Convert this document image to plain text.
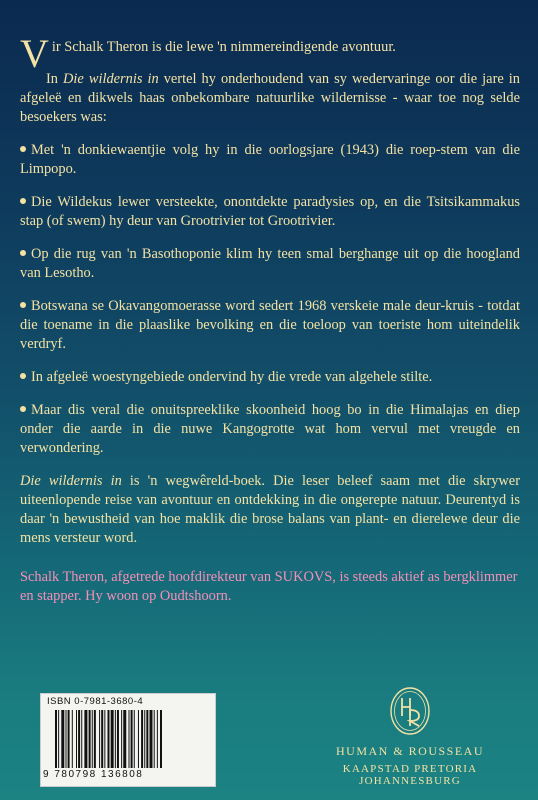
Vir Schalk Theron is die lewe 'n nimmereindigende avontuur.
In Die wildernis in vertel hy onderhoudend van sy wedervaringe oor die jare in afgeleë en dikwels haas onbekombare natuurlike wildernisse - waar toe nog selde besoekers was:

Met 'n donkiewaentjie volg hy in die oorlogsjare (1943) die roep-stem van die Limpopo.

Die Wildekus lewer versteekte, onontdekte paradysies op, en die Tsitsikammakus stap (of swem) hy deur van Grootrivier tot Grootrivier.

Op die rug van 'n Basothoponie klim hy teen smal berghange uit op die hoogland van Lesotho.

Botswana se Okavangomoerasse word sedert 1968 verskeie male deur-kruis - totdat die toename in die plaaslike bevolking en die toeloop van toeriste hom uiteindelik verdryf.

In afgeleë woestyngebiede ondervind hy die vrede van algehele stilte.

Maar dis veral die onuitspreeklike skoonheid hoog bo in die Himalajas en diep onder die aarde in die nuwe Kangogrotte wat hom vervul met vreugde en verwondering.

Die wildernis in is 'n wegwêreld-boek. Die leser beleef saam met die skrywer uiteenlopende reise van avontuur en ontdekking in die ongerepte natuur. Deurentyd is daar 'n bewustheid van hoe maklik die brose balans van plant- en dierelewe deur die mens versteur word.

Schalk Theron, afgetrede hoofdirekteur van SUKOVS, is steeds aktief as bergklimmer en stapper. Hy woon op Oudtshoorn.

ISBN 0-7981-3680-4
9 780798 136808
HUMAN & ROUSSEAU
KAAPSTAD PRETORIA JOHANNESBURG
